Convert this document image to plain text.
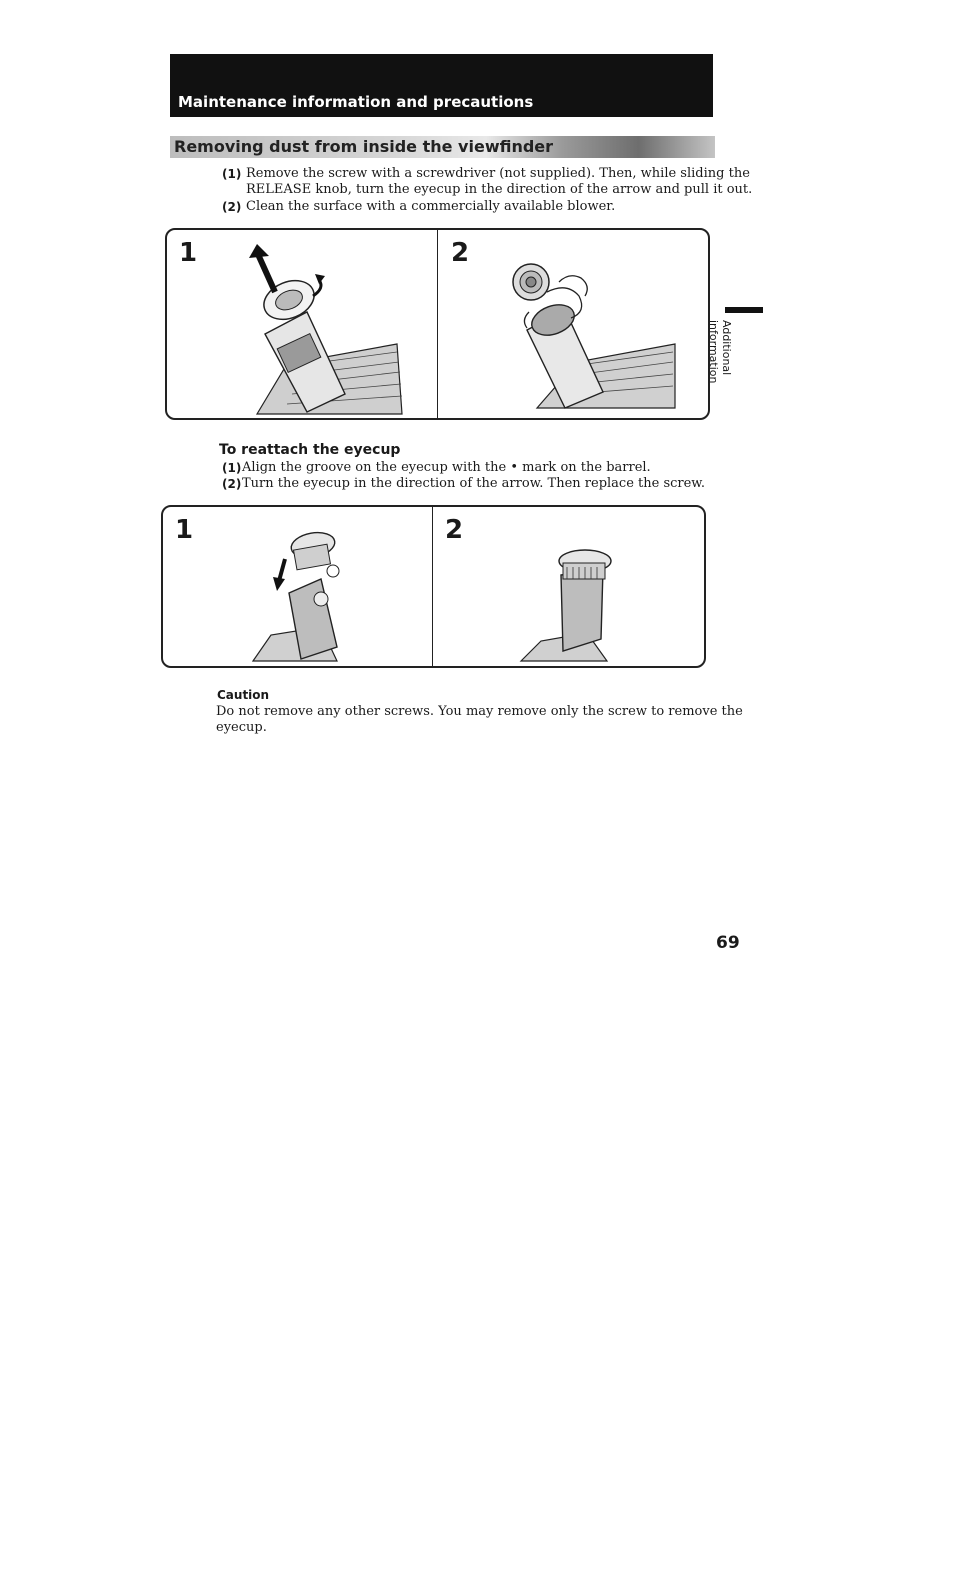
Maintenance information and precautions
Removing dust from inside the viewfinder
(1) Remove the screw with a screwdriver (not supplied). Then, while sliding the
RELEASE knob, turn the eyecup in the direction of the arrow and pull it out.
(2) Clean the surface with a commercially available blower.
1	2
To reattach the eyecup
(1) Align the groove on the eyecup with the • mark on the barrel.
(2) Turn the eyecup in the direction of the arrow. Then replace the screw.
1	2
Caution
Do not remove any other screws. You may remove only the screw to remove the
eyecup.
Additional information
69
